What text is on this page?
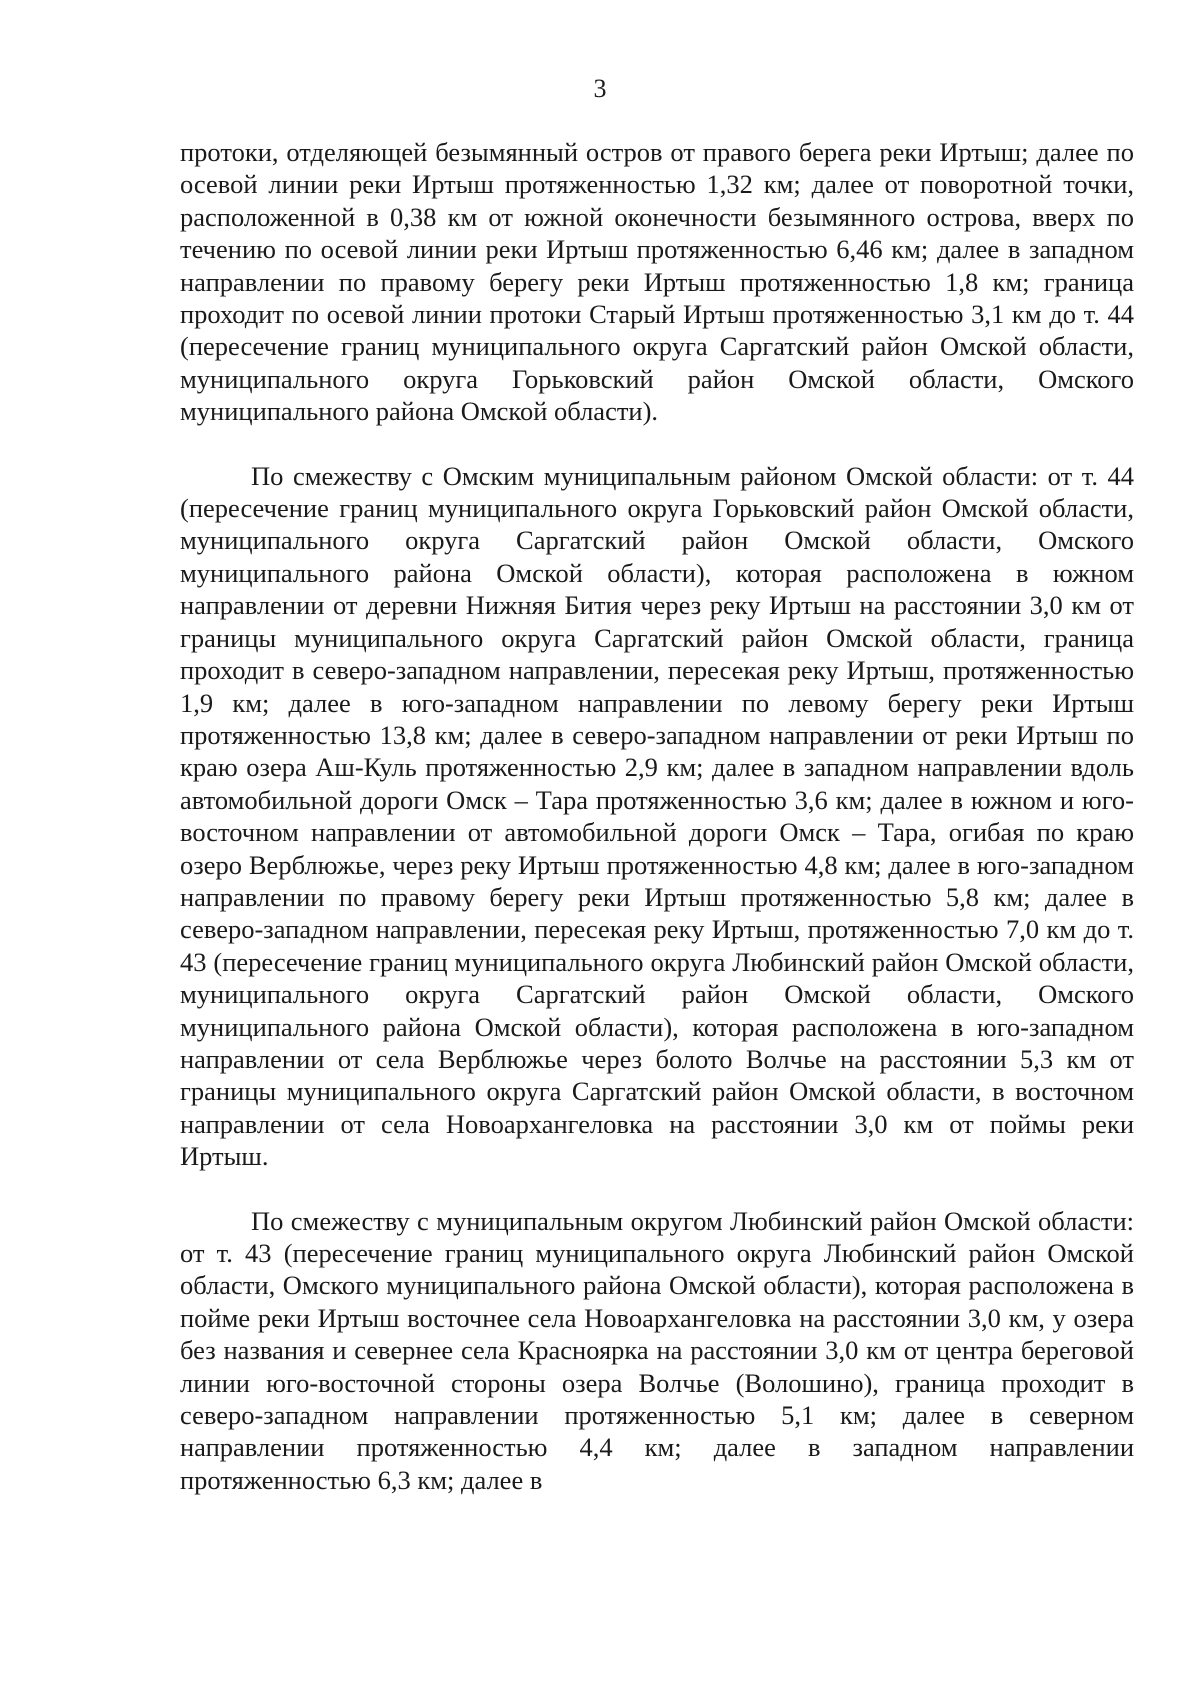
3

протоки, отделяющей безымянный остров от правого берега реки Иртыш; далее по осевой линии реки Иртыш протяженностью 1,32 км; далее от поворотной точки, расположенной в 0,38 км от южной оконечности безымянного острова, вверх по течению по осевой линии реки Иртыш протяженностью 6,46 км; далее в западном направлении по правому берегу реки Иртыш протяженностью 1,8 км; граница проходит по осевой линии протоки Старый Иртыш протяженностью 3,1 км до т. 44 (пересечение границ муниципального округа Саргатский район Омской области, муниципального округа Горьковский район Омской области, Омского муниципального района Омской области).

По смежеству с Омским муниципальным районом Омской области: от т. 44 (пересечение границ муниципального округа Горьковский район Омской области, муниципального округа Саргатский район Омской области, Омского муниципального района Омской области), которая расположена в южном направлении от деревни Нижняя Бития через реку Иртыш на расстоянии 3,0 км от границы муниципального округа Саргатский район Омской области, граница проходит в северо-западном направлении, пересекая реку Иртыш, протяженностью 1,9 км; далее в юго-западном направлении по левому берегу реки Иртыш протяженностью 13,8 км; далее в северо-западном направлении от реки Иртыш по краю озера Аш-Куль протяженностью 2,9 км; далее в западном направлении вдоль автомобильной дороги Омск – Тара протяженностью 3,6 км; далее в южном и юго-восточном направлении от автомобильной дороги Омск – Тара, огибая по краю озеро Верблюжье, через реку Иртыш протяженностью 4,8 км; далее в юго-западном направлении по правому берегу реки Иртыш протяженностью 5,8 км; далее в северо-западном направлении, пересекая реку Иртыш, протяженностью 7,0 км до т. 43 (пересечение границ муниципального округа Любинский район Омской области, муниципального округа Саргатский район Омской области, Омского муниципального района Омской области), которая расположена в юго-западном направлении от села Верблюжье через болото Волчье на расстоянии 5,3 км от границы муниципального округа Саргатский район Омской области, в восточном направлении от села Новоархангеловка на расстоянии 3,0 км от поймы реки Иртыш.

По смежеству с муниципальным округом Любинский район Омской области: от т. 43 (пересечение границ муниципального округа Любинский район Омской области, Омского муниципального района Омской области), которая расположена в пойме реки Иртыш восточнее села Новоархангеловка на расстоянии 3,0 км, у озера без названия и севернее села Красноярка на расстоянии 3,0 км от центра береговой линии юго-восточной стороны озера Волчье (Волошино), граница проходит в северо-западном направлении протяженностью 5,1 км; далее в северном направлении протяженностью 4,4 км; далее в западном направлении протяженностью 6,3 км; далее в
